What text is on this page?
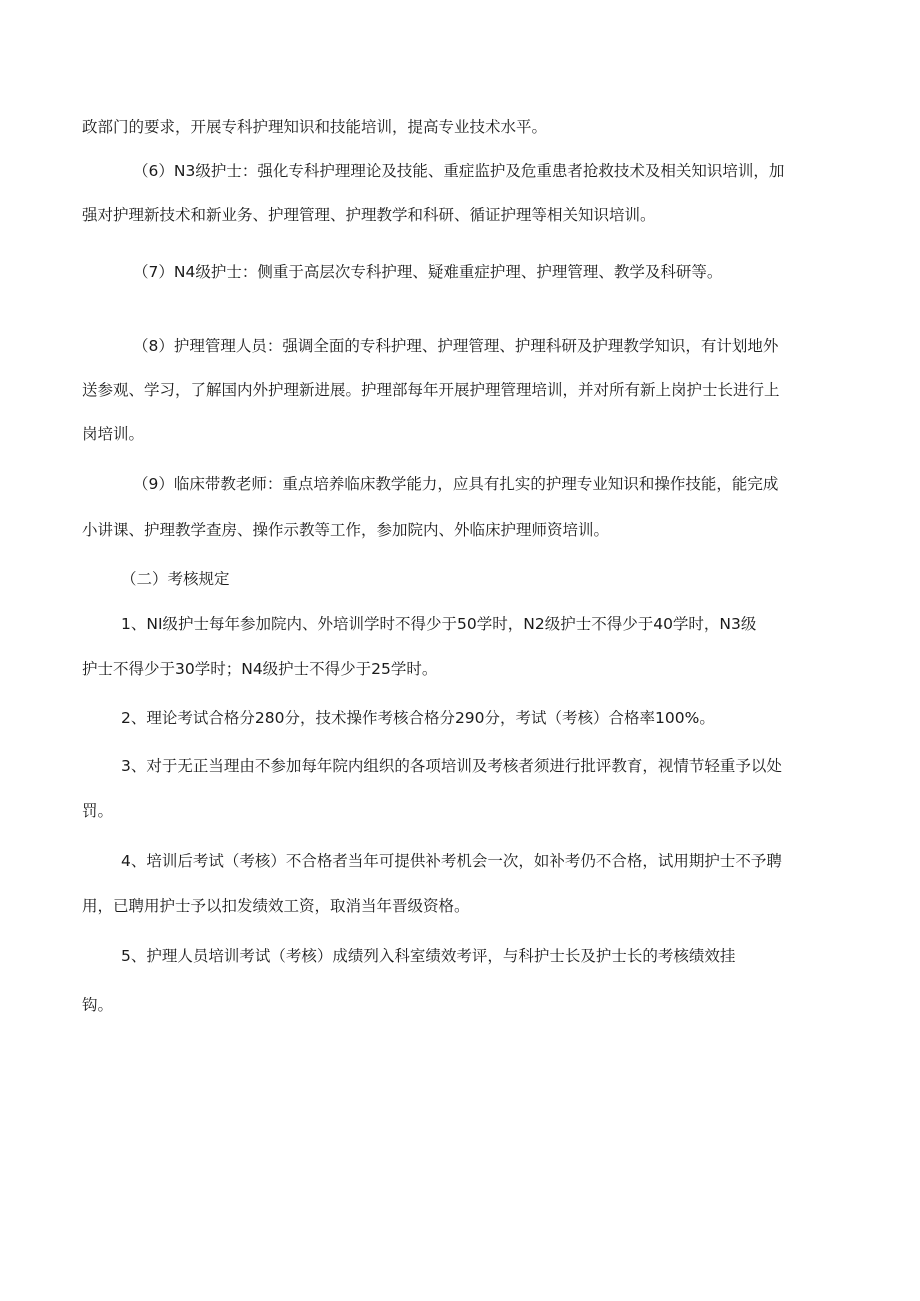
政部门的要求，开展专科护理知识和技能培训，提高专业技术水平。
（6）N3级护士：强化专科护理理论及技能、重症监护及危重患者抢救技术及相关知识培训，加
强对护理新技术和新业务、护理管理、护理教学和科研、循证护理等相关知识培训。
（7）N4级护士：侧重于高层次专科护理、疑难重症护理、护理管理、教学及科研等。
（8）护理管理人员：强调全面的专科护理、护理管理、护理科研及护理教学知识，有计划地外
送参观、学习，了解国内外护理新进展。护理部每年开展护理管理培训，并对所有新上岗护士长进行上
岗培训。
（9）临床带教老师：重点培养临床教学能力，应具有扎实的护理专业知识和操作技能，能完成
小讲课、护理教学查房、操作示教等工作，参加院内、外临床护理师资培训。
（二）考核规定
1、NI级护士每年参加院内、外培训学时不得少于50学时，N2级护士不得少于40学时，N3级
护士不得少于30学时；N4级护士不得少于25学时。
2、理论考试合格分280分，技术操作考核合格分290分，考试（考核）合格率100%。
3、对于无正当理由不参加每年院内组织的各项培训及考核者须进行批评教育，视情节轻重予以处
罚。
4、培训后考试（考核）不合格者当年可提供补考机会一次，如补考仍不合格，试用期护士不予聘
用，已聘用护士予以扣发绩效工资，取消当年晋级资格。
5、护理人员培训考试（考核）成绩列入科室绩效考评，与科护士长及护士长的考核绩效挂
钩。
